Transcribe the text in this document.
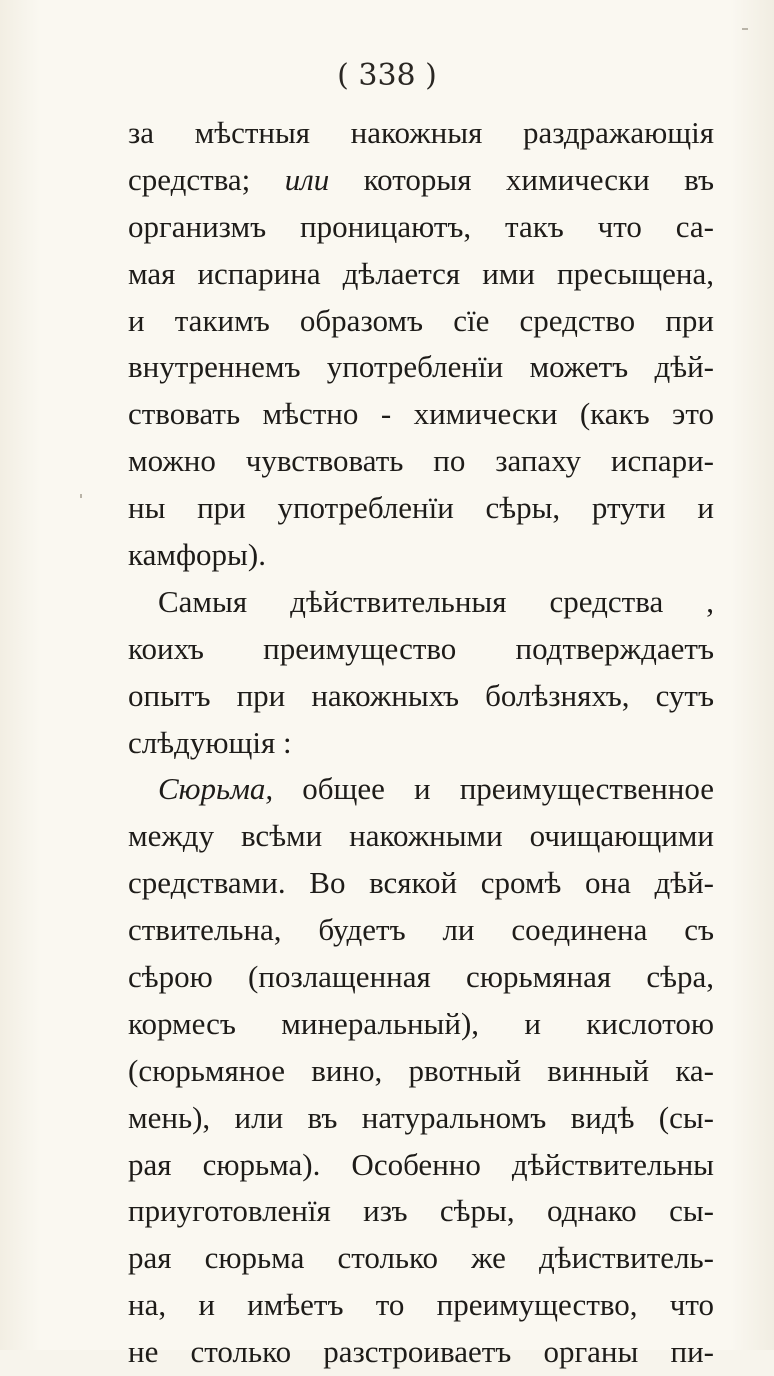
( 338 )
за мѣстныя накожныя раздражающія
средства; или которыя химически въ
организмъ проницаютъ, такъ что са-
мая испарина дѣлается ими пресыщена,
и такимъ образомъ сїе средство при
внутреннемъ употребленїи можетъ дѣй-
ствовать мѣстно - химически (какъ это
можно чувствовать по запаху испари-
ны при употребленїи сѣры, ртути и
камфоры).
Самыя дѣйствительныя средства ,
коихъ преимущество подтверждаетъ
опытъ при накожныхъ болѣзняхъ, сутъ
слѣдующія :
Сюрьма, общее и преимущественное
между всѣми накожными очищающими
средствами. Во всякой сромѣ она дѣй-
ствительна, будетъ ли соединена съ
сѣрою (позлащенная сюрьмяная сѣра,
кормесъ минеральный), и кислотою
(сюрьмяное вино, рвотный винный ка-
мень), или въ натуральномъ видѣ (сы-
рая сюрьма). Особенно дѣйствительны
приуготовленїя изъ сѣры, однако сы-
рая сюрьма столько же дѣиствитель-
на, и имѣетъ то преимущество, что
не столько разстроиваетъ органы пи-
